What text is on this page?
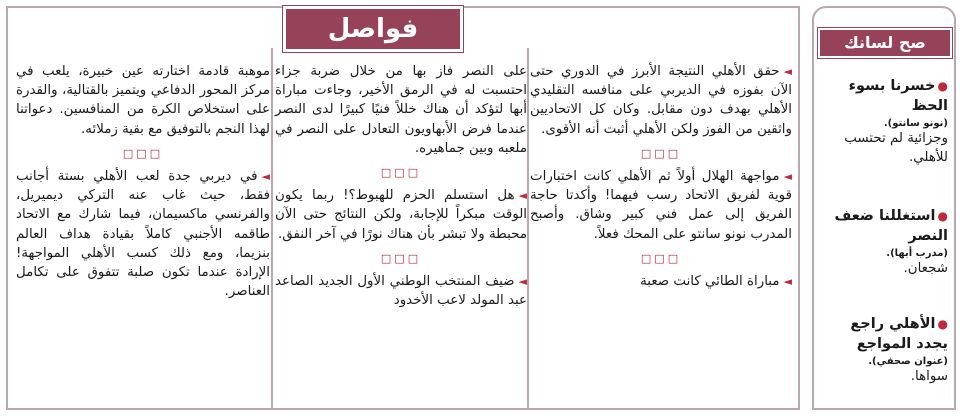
فواصل

◄حقق الأهلي النتيجة الأبرز في الدوري حتى الآن بفوزه في الديربي على منافسه التقليدي الأهلي بهدف دون مقابل. وكان كل الاتحاديين واثقين من الفوز ولكن الأهلي أثبت أنه الأقوى.

□□□

◄مواجهة الهلال أولاً ثم الأهلي كانت اختبارات قوية لفريق الاتحاد رسب فيهما! وأكدتا حاجة الفريق إلى عمل فني كبير وشاق. وأصبح المدرب نونو سانتو على المحك فعلاً.

□□□

◄مباراة الطائي كانت صعبة

على النصر فاز بها من خلال ضربة جزاء احتسبت له في الرمق الأخير، وجاءت مباراة أبها لتؤكد أن هناك خللاً فنيًا كبيرًا لدى النصر عندما فرض الأبهاويون التعادل على النصر في ملعبه وبين جماهيره.

□□□

◄هل استسلم الحزم للهبوط؟! ربما يكون الوقت مبكراً للإجابة، ولكن النتائج حتى الآن محبطة ولا تبشر بأن هناك نورًا في آخر النفق.

□□□

◄ضيف المنتخب الوطني الأول الجديد الصاعد عبد المولد لاعب الأخدود

موهبة قادمة اختارته عين خبيرة، يلعب في مركز المحور الدفاعي ويتميز بالقتالية، والقدرة على استخلاص الكرة من المنافسين. دعواتنا لهذا النجم بالتوفيق مع بقية زملائه.

□□□

◄في ديربي جدة لعب الأهلي بستة أجانب فقط، حيث غاب عنه التركي ديميريل، والفرنسي ماكسيمان، فيما شارك مع الاتحاد طاقمه الأجنبي كاملاً بقيادة هداف العالم بنزيما، ومع ذلك كسب الأهلي المواجهة! الإرادة عندما تكون صلبة تتفوق على تكامل العناصر.

صح لسانك
●خسرنا بسوء الحظ
(نونو سانتو).
وجزائية لم تحتسب للأهلي.
●استغللنا ضعف النصر
(مدرب أبها).
شجعان.
●الأهلي راجع يجدد المواجع
(عنوان صحفي).
سواها.
